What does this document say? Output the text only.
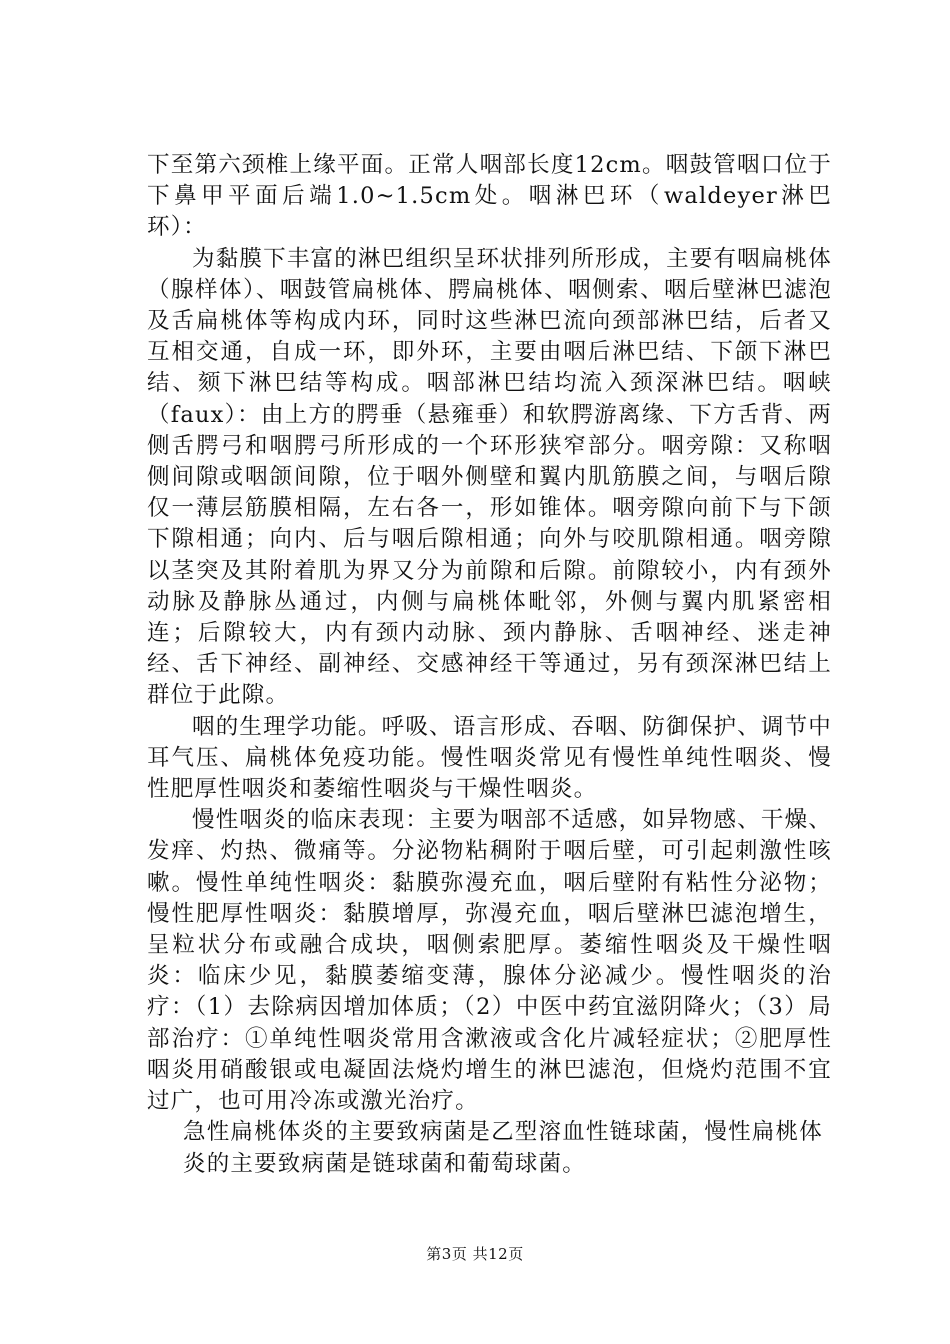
下至第六颈椎上缘平面。正常人咽部长度12cm。咽鼓管咽口位于下鼻甲平面后端1.0~1.5cm处。咽淋巴环（waldeyer淋巴环）：

为黏膜下丰富的淋巴组织呈环状排列所形成，主要有咽扁桃体（腺样体）、咽鼓管扁桃体、腭扁桃体、咽侧索、咽后壁淋巴滤泡及舌扁桃体等构成内环，同时这些淋巴流向颈部淋巴结，后者又互相交通，自成一环，即外环，主要由咽后淋巴结、下颌下淋巴结、颏下淋巴结等构成。咽部淋巴结均流入颈深淋巴结。咽峡（faux）：由上方的腭垂（悬雍垂）和软腭游离缘、下方舌背、两侧舌腭弓和咽腭弓所形成的一个环形狭窄部分。咽旁隙：又称咽侧间隙或咽颌间隙，位于咽外侧壁和翼内肌筋膜之间，与咽后隙仅一薄层筋膜相隔，左右各一，形如锥体。咽旁隙向前下与下颌下隙相通；向内、后与咽后隙相通；向外与咬肌隙相通。咽旁隙以茎突及其附着肌为界又分为前隙和后隙。前隙较小，内有颈外动脉及静脉丛通过，内侧与扁桃体毗邻，外侧与翼内肌紧密相连；后隙较大，内有颈内动脉、颈内静脉、舌咽神经、迷走神经、舌下神经、副神经、交感神经干等通过，另有颈深淋巴结上群位于此隙。

咽的生理学功能。呼吸、语言形成、吞咽、防御保护、调节中耳气压、扁桃体免疫功能。慢性咽炎常见有慢性单纯性咽炎、慢性肥厚性咽炎和萎缩性咽炎与干燥性咽炎。

慢性咽炎的临床表现：主要为咽部不适感，如异物感、干燥、发痒、灼热、微痛等。分泌物粘稠附于咽后壁，可引起刺激性咳嗽。慢性单纯性咽炎：黏膜弥漫充血，咽后壁附有粘性分泌物；慢性肥厚性咽炎：黏膜增厚，弥漫充血，咽后壁淋巴滤泡增生，呈粒状分布或融合成块，咽侧索肥厚。萎缩性咽炎及干燥性咽炎：临床少见，黏膜萎缩变薄，腺体分泌减少。慢性咽炎的治疗：（1）去除病因增加体质；（2）中医中药宜滋阴降火；（3）局部治疗：①单纯性咽炎常用含漱液或含化片减轻症状；②肥厚性咽炎用硝酸银或电凝固法烧灼增生的淋巴滤泡，但烧灼范围不宜过广，也可用冷冻或激光治疗。

急性扁桃体炎的主要致病菌是乙型溶血性链球菌，慢性扁桃体炎的主要致病菌是链球菌和葡萄球菌。

第3页 共12页
